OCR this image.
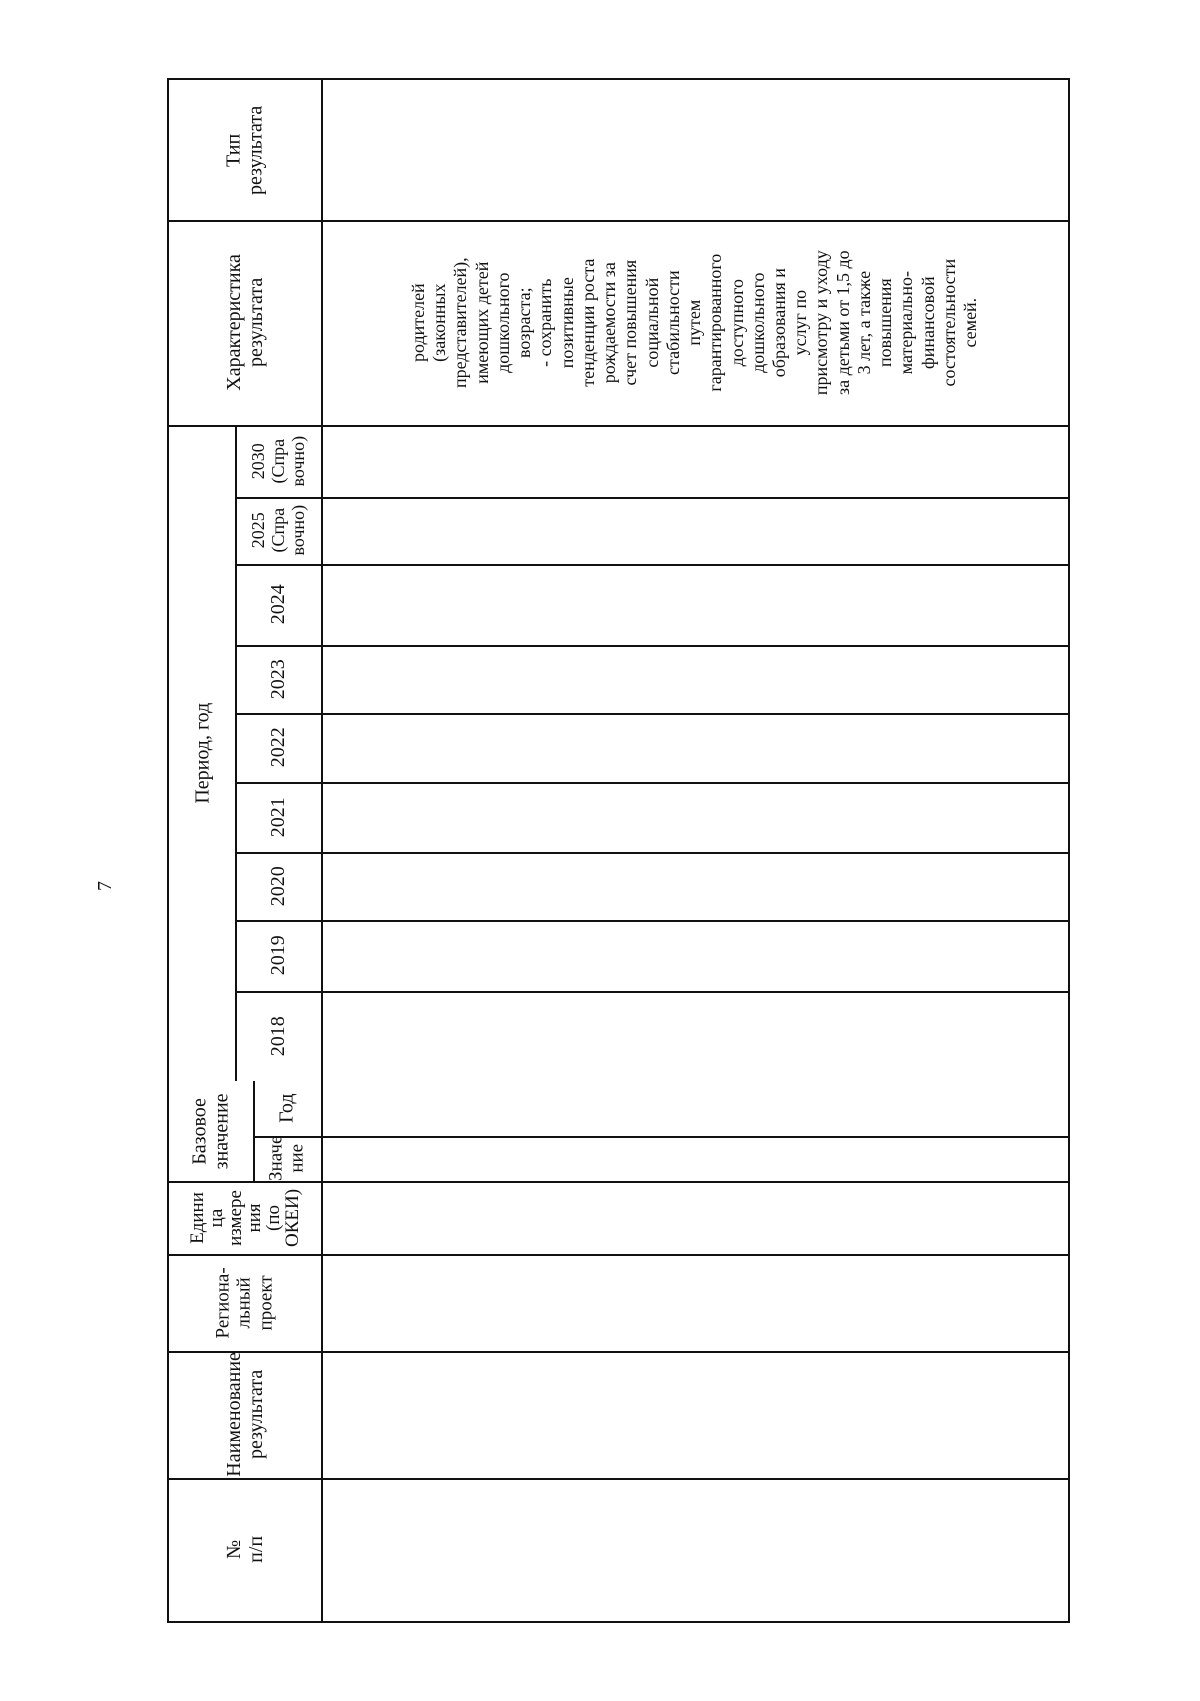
7
Тип
результата
Характеристика
результата
Период, год
2030
(Спра
вочно)
2025
(Спра
вочно)
2024
2023
2022
2021
2020
2019
2018
Год
Значе
ние
Базовое
значение
Едини
ца
измере
ния
(по
ОКЕИ)
Региона-
льный
проект
Наименование
результата
№
п/п
родителей
(законных
представителей),
имеющих детей
дошкольного
возраста;
- сохранить
позитивные
тенденции роста
рождаемости за
счет повышения
социальной
стабильности
путем
гарантированного
доступного
дошкольного
образования и
услуг по
присмотру и уходу
за детьми от 1,5 до
3 лет, а также
повышения
материально-
финансовой
состоятельности
семей.
